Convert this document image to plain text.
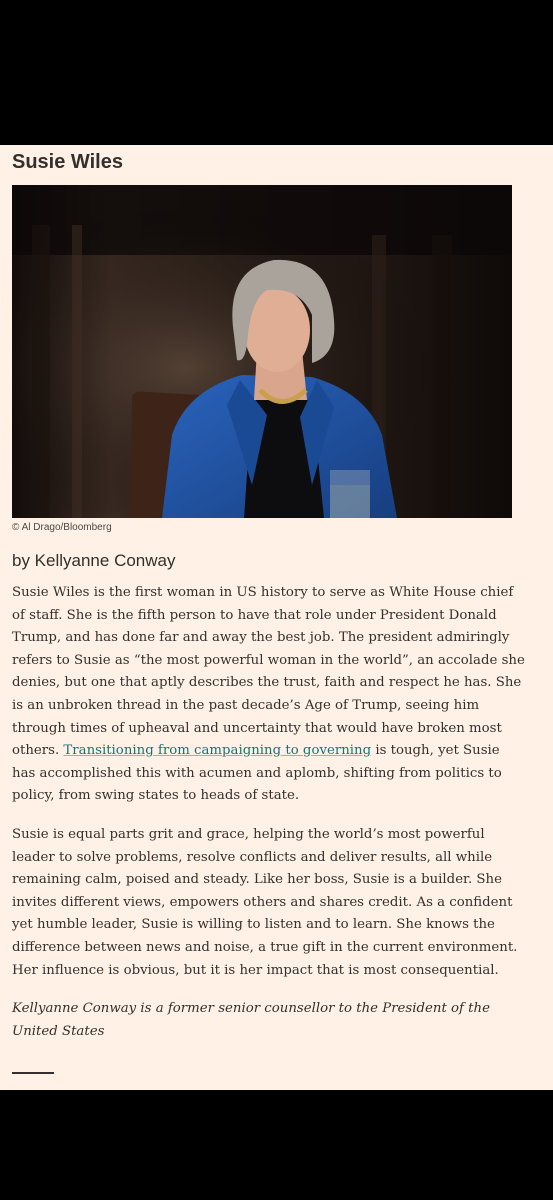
Susie Wiles
© Al Drago/Bloomberg
by Kellyanne Conway

Susie Wiles is the first woman in US history to serve as White House chief of staff. She is the fifth person to have that role under President Donald Trump, and has done far and away the best job. The president admiringly refers to Susie as “the most powerful woman in the world”, an accolade she denies, but one that aptly describes the trust, faith and respect he has. She is an unbroken thread in the past decade’s Age of Trump, seeing him through times of upheaval and uncertainty that would have broken most others. Transitioning from campaigning to governing is tough, yet Susie has accomplished this with acumen and aplomb, shifting from politics to policy, from swing states to heads of state.

Susie is equal parts grit and grace, helping the world’s most powerful leader to solve problems, resolve conflicts and deliver results, all while remaining calm, poised and steady. Like her boss, Susie is a builder. She invites different views, empowers others and shares credit. As a confident yet humble leader, Susie is willing to listen and to learn. She knows the difference between news and noise, a true gift in the current environment. Her influence is obvious, but it is her impact that is most consequential.

Kellyanne Conway is a former senior counsellor to the President of the United States
